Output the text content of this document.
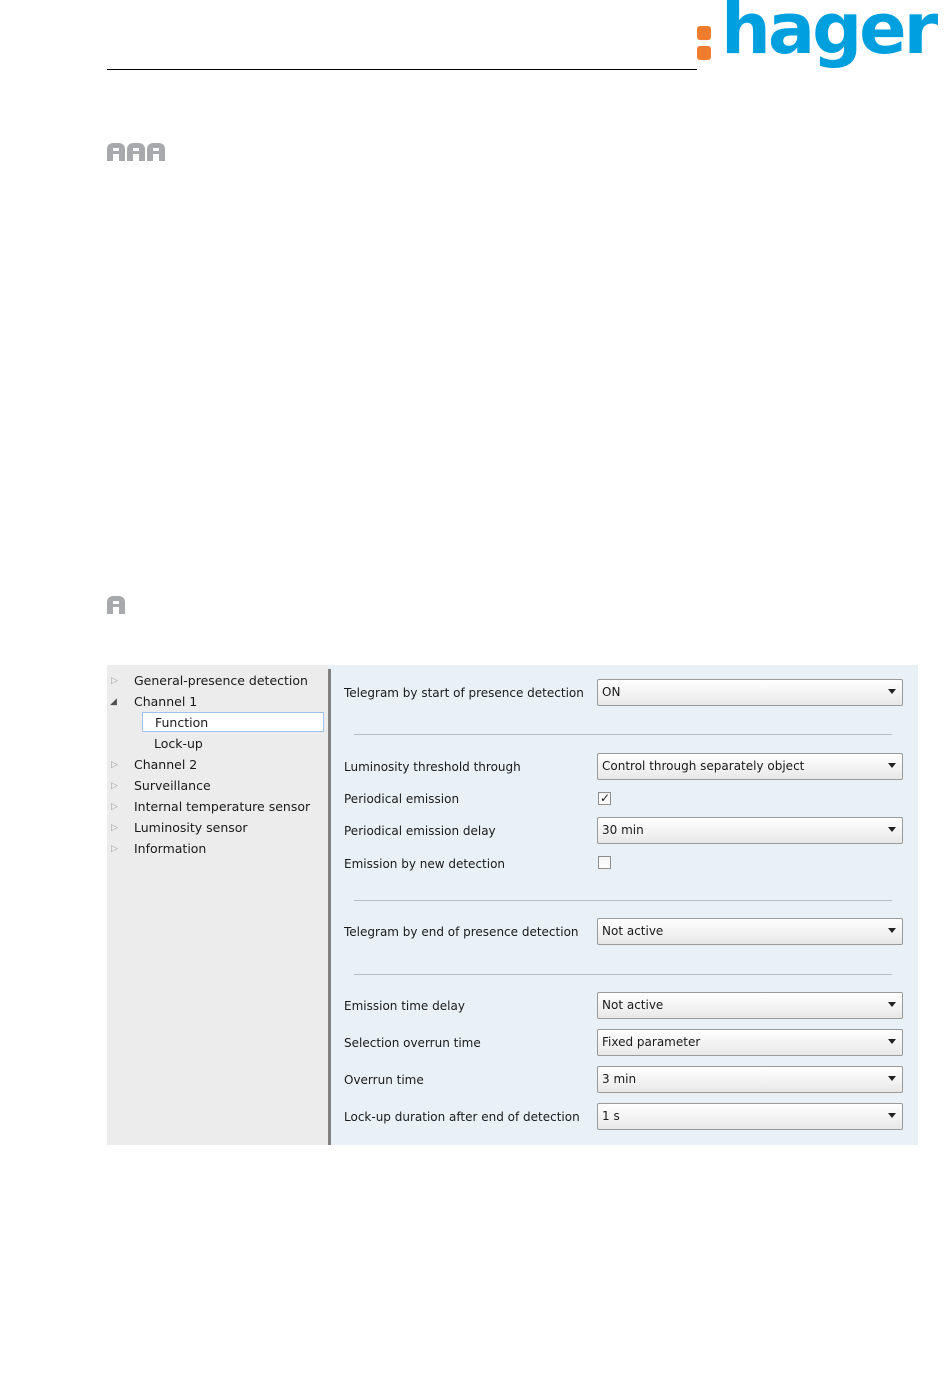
hager
▷ General-presence detection
◢ Channel 1
Function
Lock-up
▷ Channel 2
▷ Surveillance
▷ Internal temperature sensor
▷ Luminosity sensor
▷ Information
Telegram by start of presence detection ON
Luminosity threshold through	Control through separately object
Periodical emission	✓
Periodical emission delay	30 min
Emission by new detection
Telegram by end of presence detection Not active
Emission time delay	Not active
Selection overrun time	Fixed parameter
Overrun time	3 min
Lock-up duration after end of detection 1 s
